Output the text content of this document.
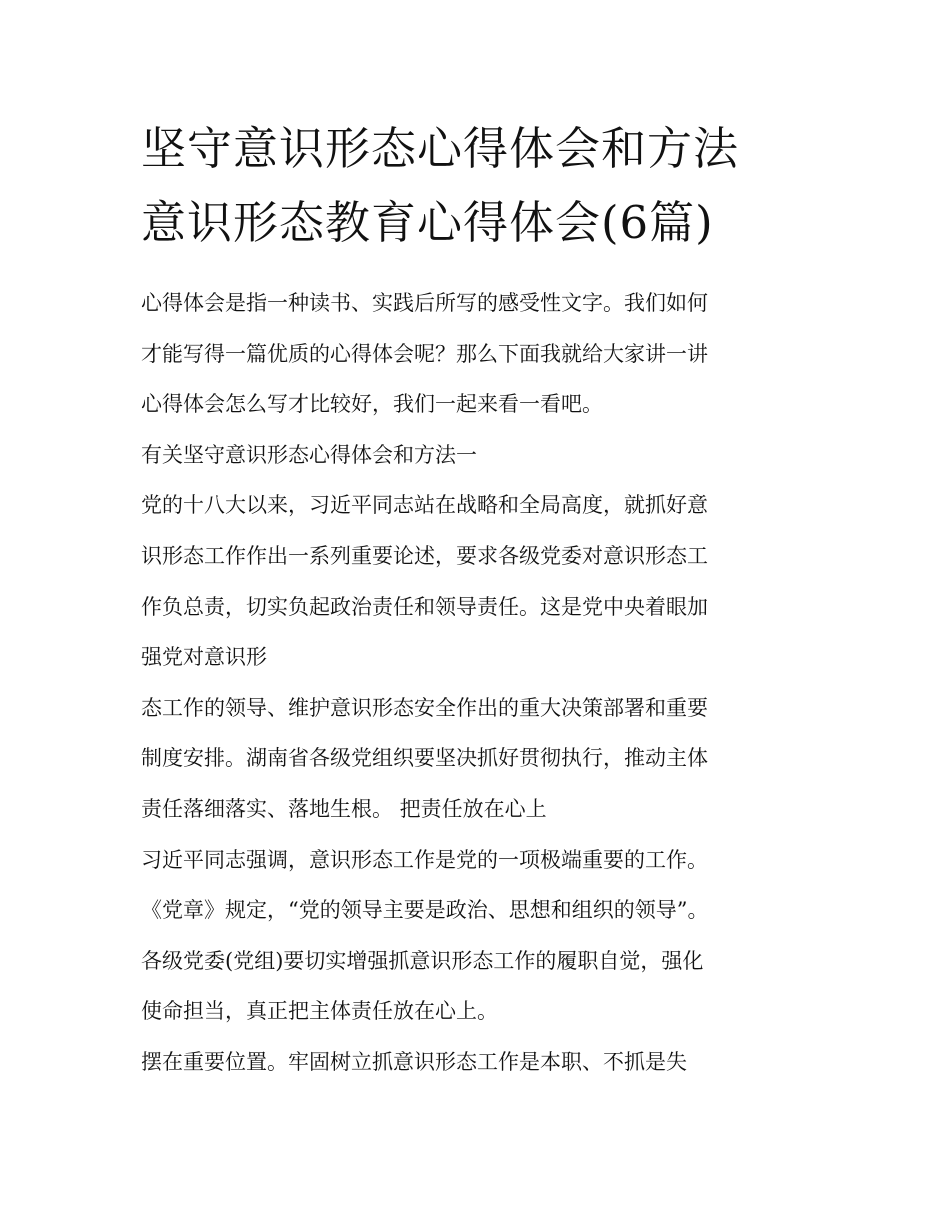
坚守意识形态心得体会和方法
意识形态教育心得体会(6篇)

心得体会是指一种读书、实践后所写的感受性文字。我们如何
才能写得一篇优质的心得体会呢？那么下面我就给大家讲一讲
心得体会怎么写才比较好，我们一起来看一看吧。

有关坚守意识形态心得体会和方法一

党的十八大以来，习近平同志站在战略和全局高度，就抓好意
识形态工作作出一系列重要论述，要求各级党委对意识形态工
作负总责，切实负起政治责任和领导责任。这是党中央着眼加
强党对意识形

态工作的领导、维护意识形态安全作出的重大决策部署和重要
制度安排。湖南省各级党组织要坚决抓好贯彻执行，推动主体
责任落细落实、落地生根。 把责任放在心上

习近平同志强调，意识形态工作是党的一项极端重要的工作。
《党章》规定，“党的领导主要是政治、思想和组织的领导”。
各级党委(党组)要切实增强抓意识形态工作的履职自觉，强化
使命担当，真正把主体责任放在心上。

摆在重要位置。牢固树立抓意识形态工作是本职、不抓是失
